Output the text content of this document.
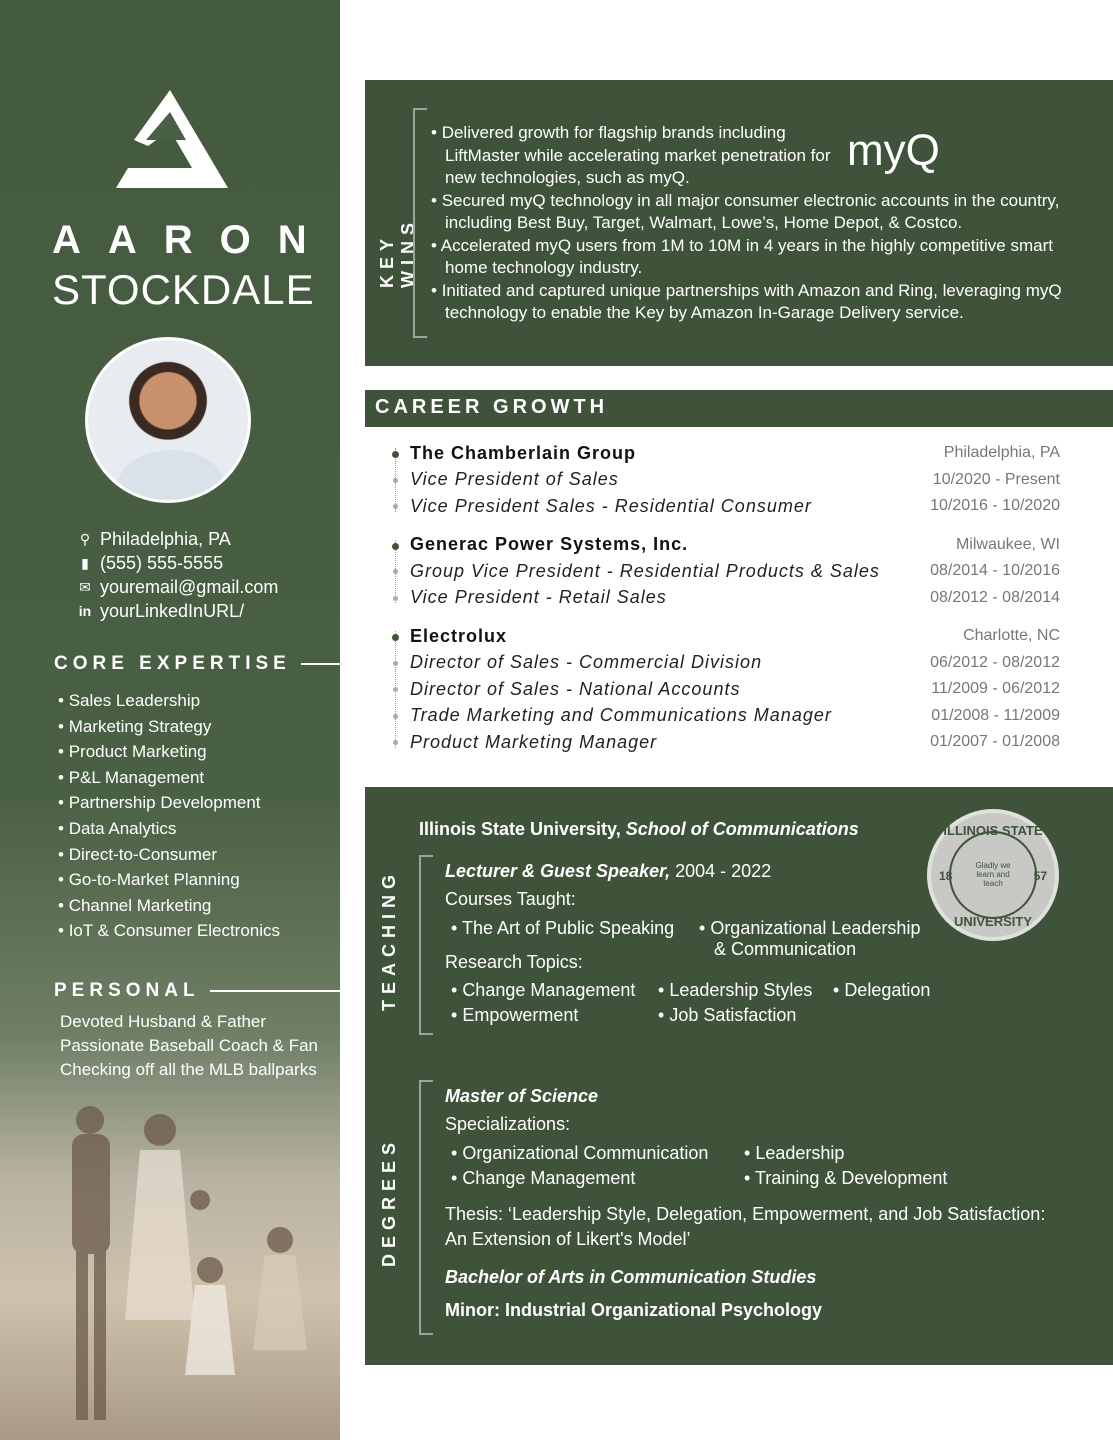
AARON
STOCKDALE
⚲ Philadelphia, PA
▮ (555) 555-5555
✉ youremail@gmail.com
in yourLinkedInURL/
CORE EXPERTISE
• Sales Leadership
• Marketing Strategy
• Product Marketing
• P&L Management
• Partnership Development
• Data Analytics
• Direct-to-Consumer
• Go-to-Market Planning
• Channel Marketing
• IoT & Consumer Electronics
PERSONAL
Devoted Husband & Father
Passionate Baseball Coach & Fan
Checking off all the MLB ballparks
KEY WINS
• Delivered growth for flagship brands including LiftMaster while accelerating market penetration for new technologies, such as myQ.
• Secured myQ technology in all major consumer electronic accounts in the country, including Best Buy, Target, Walmart, Lowe’s, Home Depot, & Costco.
• Accelerated myQ users from 1M to 10M in 4 years in the highly competitive smart home technology industry.
• Initiated and captured unique partnerships with Amazon and Ring, leveraging myQ technology to enable the Key by Amazon In-Garage Delivery service.
myQ
CAREER GROWTH
The Chamberlain Group	Philadelphia, PA
Vice President of Sales	10/2020 - Present
Vice President Sales - Residential Consumer	10/2016 - 10/2020
Generac Power Systems, Inc.	Milwaukee, WI
Group Vice President - Residential Products & Sales	08/2014 - 10/2016
Vice President - Retail Sales	08/2012 - 08/2014
Electrolux	Charlotte, NC
Director of Sales - Commercial Division	06/2012 - 08/2012
Director of Sales - National Accounts	11/2009 - 06/2012
Trade Marketing and Communications Manager	01/2008 - 11/2009
Product Marketing Manager	01/2007 - 01/2008
Illinois State University, School of Communications	ILLINOIS STATE
18	57
Gladly we learn and teach
UNIVERSITY
TEACHING	Lecturer & Guest Speaker, 2004 - 2022
Courses Taught:
• The Art of Public Speaking • Organizational Leadership
& Communication
Research Topics:
• Change Management • Leadership Styles • Delegation
• Empowerment	• Job Satisfaction
DEGREES
Master of Science
Specializations:
• Organizational Communication • Leadership
• Change Management	• Training & Development
Thesis: ‘Leadership Style, Delegation, Empowerment, and Job Satisfaction:
An Extension of Likert's Model’
Bachelor of Arts in Communication Studies
Minor: Industrial Organizational Psychology
